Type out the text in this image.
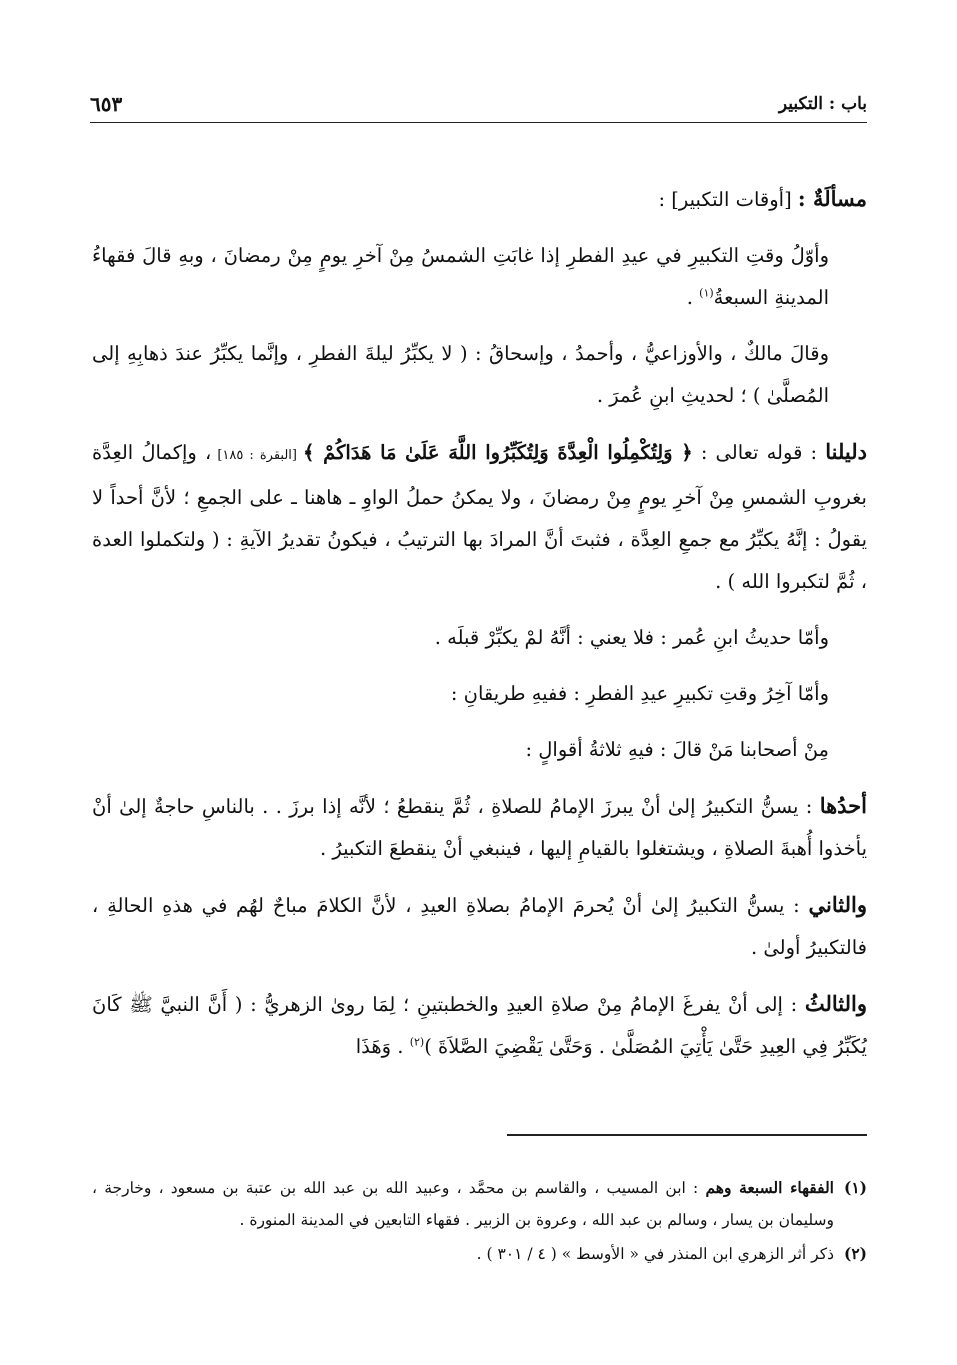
باب : التكبير
٦٥٣

مسألَةٌ : [أوقات التكبير] :

وأوّلُ وقتِ التكبيرِ في عيدِ الفطرِ إذا غابَتِ الشمسُ مِنْ آخرِ يومٍ مِنْ رمضانَ ، وبهِ قالَ فقهاءُ المدينةِ السبعةُ$^{(١)}$ .

وقالَ مالكٌ ، والأوزاعيُّ ، وأحمدُ ، وإسحاقُ : ( لا يكبِّرُ ليلةَ الفطرِ ، وإنَّما يكبِّرُ عندَ ذهابِهِ إلى المُصلَّىٰ ) ؛ لحديثِ ابنِ عُمرَ .

دليلنا : قوله تعالى : ﴿ وَلِتُكْمِلُوا الْعِدَّةَ وَلِتُكَبِّرُوا اللَّهَ عَلَىٰ مَا هَدَاكُمْ ﴾ [البقرة : ١٨٥] ، وإكمالُ العِدَّة بغروبِ الشمسِ مِنْ آخرِ يومٍ مِنْ رمضانَ ، ولا يمكنُ حملُ الواوِ ـ هاهنا ـ على الجمعِ ؛ لأنَّ أحداً لا يقولُ : إنَّهُ يكبِّرُ مع جمعِ العِدَّة ، فثبتَ أنَّ المرادَ بها الترتيبُ ، فيكونُ تقديرُ الآيةِ : ( ولتكملوا العدة ، ثُمَّ لتكبروا الله ) .

وأمّا حديثُ ابنِ عُمر : فلا يعني : أنَّهُ لمْ يكبِّرْ قبلَه .

وأمّا آخِرُ وقتِ تكبيرِ عيدِ الفطرِ : ففيهِ طريقانِ :

مِنْ أصحابنا مَنْ قالَ : فيهِ ثلاثةُ أقوالٍ :

أحدُها : يسنُّ التكبيرُ إلىٰ أنْ يبرزَ الإمامُ للصلاةِ ، ثُمَّ ينقطعُ ؛ لأنَّه إذا برزَ . . بالناسِ حاجةٌ إلىٰ أنْ يأخذوا أُهبةَ الصلاةِ ، ويشتغلوا بالقيامِ إليها ، فينبغي أنْ ينقطعَ التكبيرُ .

والثاني : يسنُّ التكبيرُ إلىٰ أنْ يُحرمَ الإمامُ بصلاةِ العيدِ ، لأنَّ الكلامَ مباحٌ لهُم في هذهِ الحالةِ ، فالتكبيرُ أولىٰ .

والثالثُ : إلى أنْ يفرغَ الإمامُ مِنْ صلاةِ العيدِ والخطبتينِ ؛ لِمَا روىٰ الزهريُّ : ( أَنَّ النبيَّ ﷺ كَانَ يُكَبِّرُ فِي العِيدِ حَتَّىٰ يَأْتِيَ المُصَلَّىٰ . وَحَتَّىٰ يَقْضِيَ الصَّلاَةَ )$^{(٢)}$ . وَهَذَا

(١)
الفقهاء السبعة وهم : ابن المسيب ، والقاسم بن محمَّد ، وعبيد الله بن عبد الله بن عتبة بن مسعود ، وخارجة ، وسليمان بن يسار ، وسالم بن عبد الله ، وعروة بن الزبير . فقهاء التابعين في المدينة المنورة .
(٢)
ذكر أثر الزهري ابن المنذر في « الأوسط » ( ٤ / ٣٠١ ) .
